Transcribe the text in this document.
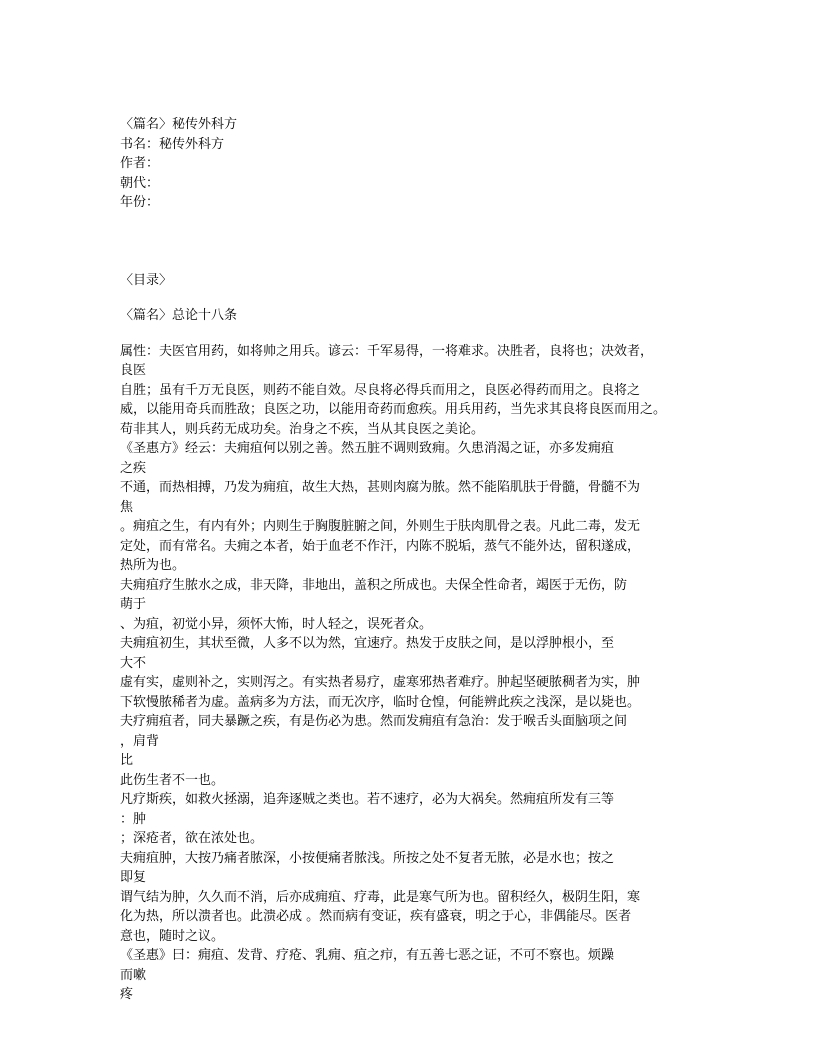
〈篇名〉秘传外科方
书名：秘传外科方
作者：
朝代：
年份：
〈目录〉
〈篇名〉总论十八条
属性：夫医官用药，如将帅之用兵。谚云：千军易得，一将难求。决胜者，良将也；决效者，
良医
自胜；虽有千万无良医，则药不能自效。尽良将必得兵而用之，良医必得药而用之。良将之
威，以能用奇兵而胜敌；良医之功，以能用奇药而愈疾。用兵用药，当先求其良将良医而用之。
苟非其人，则兵药无成功矣。治身之不疾，当从其良医之美论。
《圣惠方》经云：夫痈疽何以别之善。然五脏不调则致痈。久患消渴之证，亦多发痈疽
之疾
不通，而热相搏，乃发为痈疽，故生大热，甚则肉腐为脓。然不能陷肌肤于骨髓，骨髓不为
焦
。痈疽之生，有内有外；内则生于胸腹脏腑之间，外则生于肤肉肌骨之表。凡此二毒，发无
定处，而有常名。夫痈之本者，始于血老不作汗，内陈不脱垢，蒸气不能外达，留积遂成，
热所为也。
夫痈疽疗生脓水之成，非天降，非地出，盖积之所成也。夫保全性命者，竭医于无伤，防
萌于
、为疽，初觉小异，须怀大怖，时人轻之，误死者众。
夫痈疽初生，其状至微，人多不以为然，宜速疗。热发于皮肤之间，是以浮肿根小，至
大不
虚有实，虚则补之，实则泻之。有实热者易疗，虚寒邪热者难疗。肿起坚硬脓稠者为实，肿
下软慢脓稀者为虚。盖病多为方法，而无次序，临时仓惶，何能辨此疾之浅深，是以毙也。
夫疗痈疽者，同夫暴蹶之疾，有是伤必为患。然而发痈疽有急治：发于喉舌头面脑项之间
，肩背
比
此伤生者不一也。
凡疗斯疾，如救火拯溺，追奔逐贼之类也。若不速疗，必为大祸矣。然痈疽所发有三等
：肿
；深疮者，欲在浓处也。
夫痈疽肿，大按乃痛者脓深，小按便痛者脓浅。所按之处不复者无脓，必是水也；按之
即复
谓气结为肿，久久而不消，后亦成痈疽、疗毒，此是寒气所为也。留积经久，极阴生阳，寒
化为热，所以溃者也。此溃必成 。然而病有变证，疾有盛衰，明之于心，非偶能尽。医者
意也，随时之议。
《圣惠》曰：痈疽、发背、疗疮、乳痈、疽之疖，有五善七恶之证，不可不察也。烦躁
而嗽
疼
